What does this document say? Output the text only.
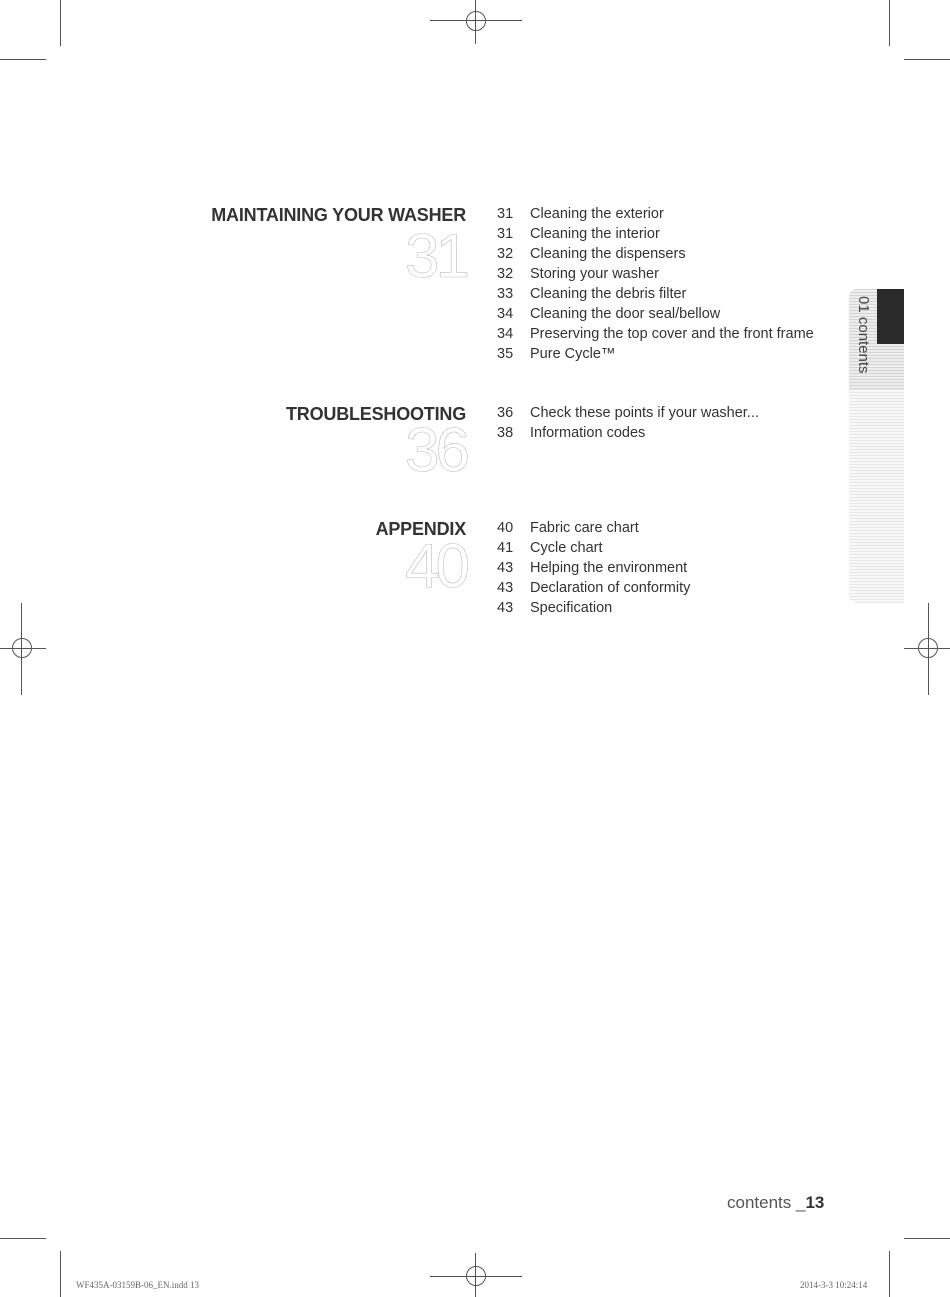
MAINTAINING YOUR WASHER
31
31 Cleaning the exterior
31 Cleaning the interior
32 Cleaning the dispensers
32 Storing your washer
33 Cleaning the debris filter
34 Cleaning the door seal/bellow
34 Preserving the top cover and the front frame
35 Pure Cycle™
TROUBLESHOOTING
36
36 Check these points if your washer...
38 Information codes
APPENDIX
40
40 Fabric care chart
41 Cycle chart
43 Helping the environment
43 Declaration of conformity
43 Specification
01 contents
contents _13
WF435A-03159B-06_EN.indd 13	2014-3-3 10:24:14
